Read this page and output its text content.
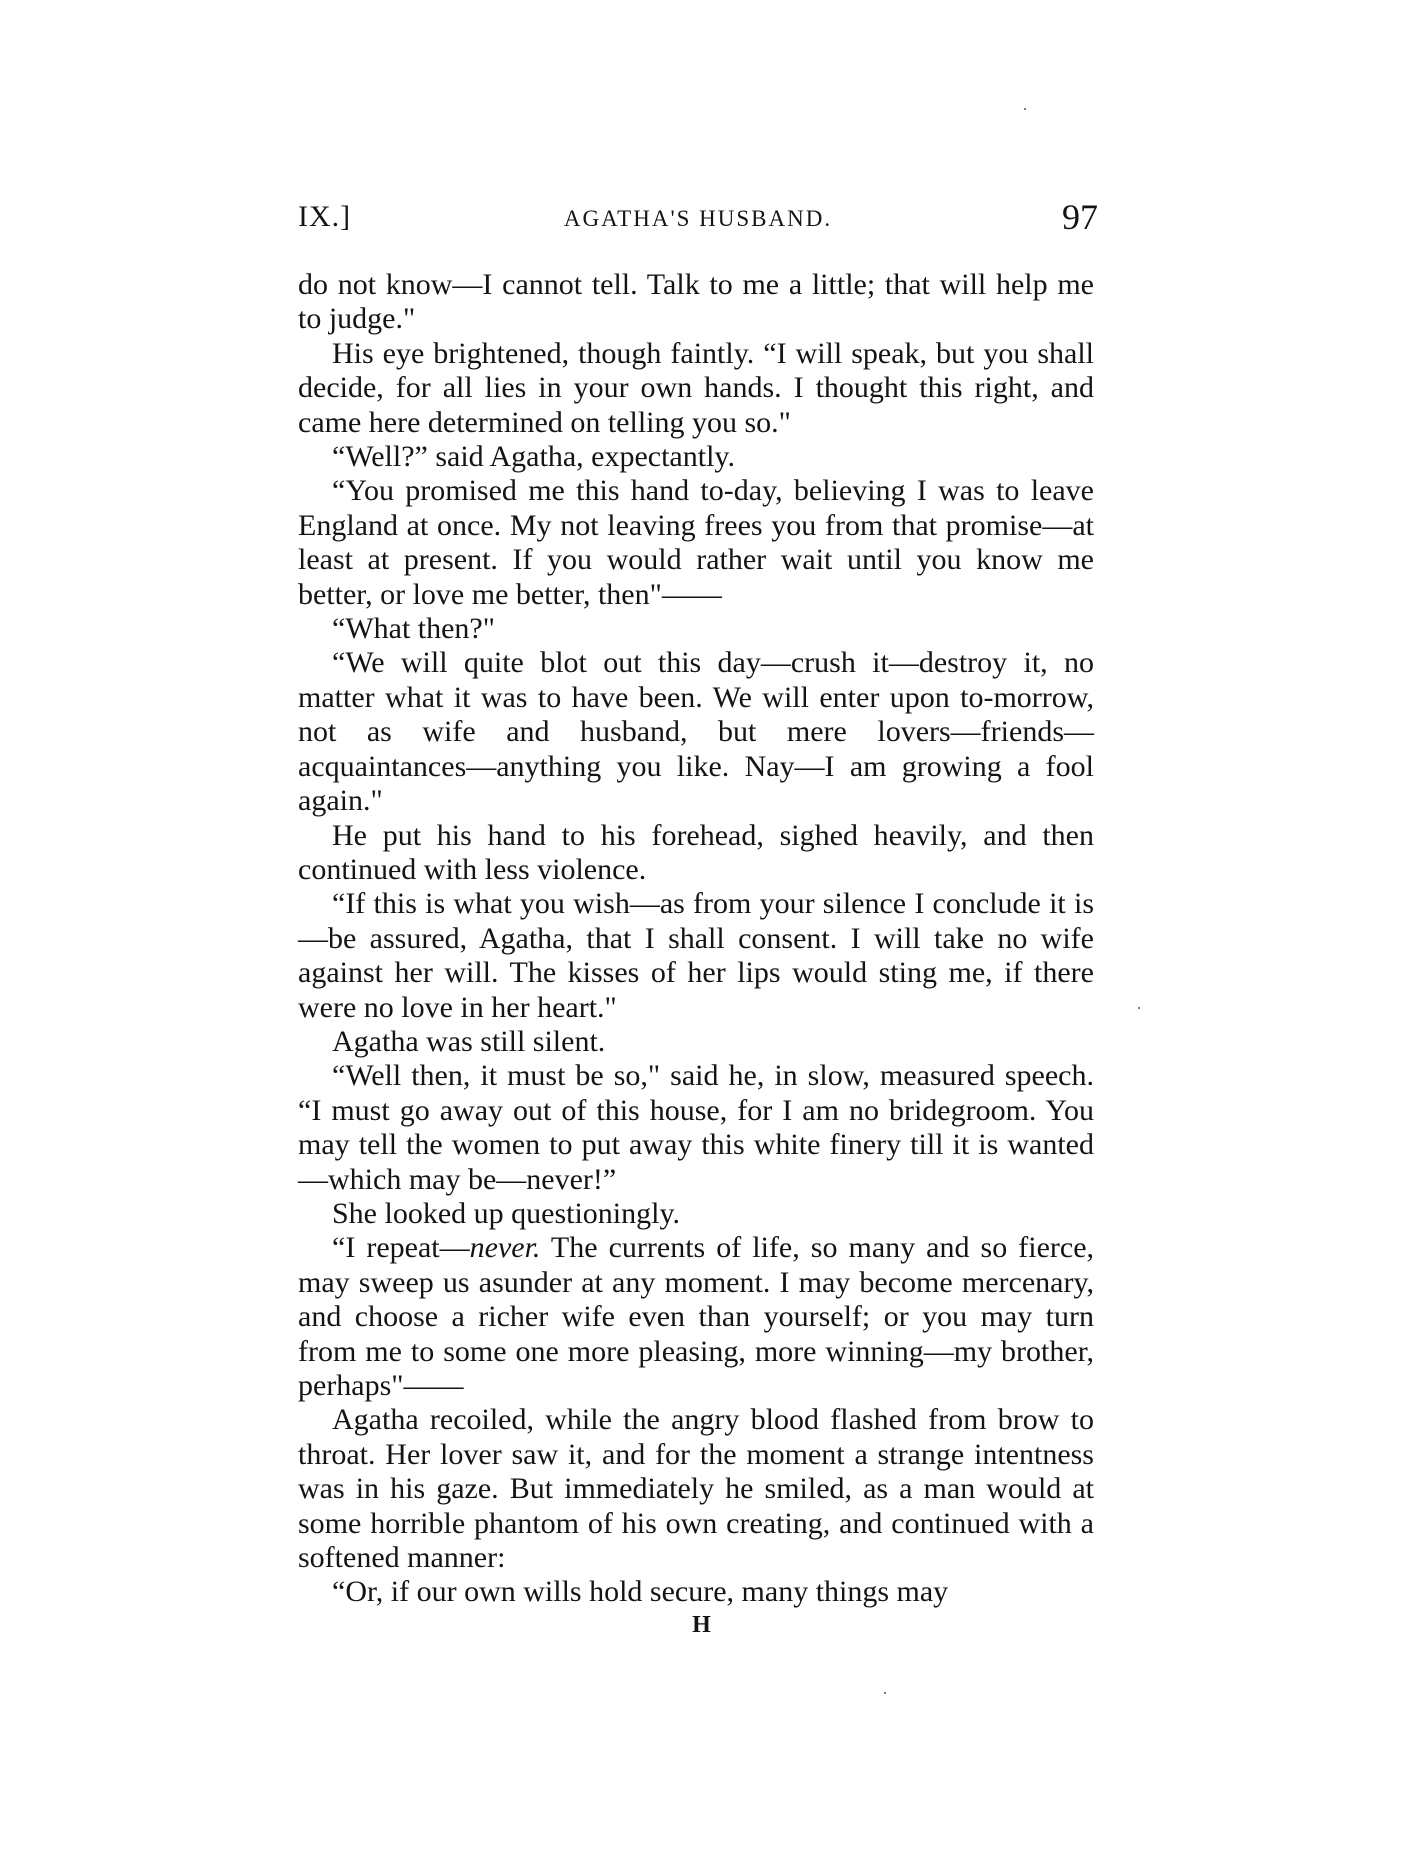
IX.]	AGATHA'S HUSBAND.	97

do not know—I cannot tell. Talk to me a little; that will help me to judge."

His eye brightened, though faintly. “I will speak, but you shall decide, for all lies in your own hands. I thought this right, and came here determined on telling you so."

“Well?” said Agatha, expectantly.

“You promised me this hand to-day, believing I was to leave England at once. My not leaving frees you from that promise—at least at present. If you would rather wait until you know me better, or love me better, then"——

“What then?"

“We will quite blot out this day—crush it—destroy it, no matter what it was to have been. We will enter upon to-morrow, not as wife and husband, but mere lovers—friends—acquaintances—anything you like. Nay—I am growing a fool again."

He put his hand to his forehead, sighed heavily, and then continued with less violence.

“If this is what you wish—as from your silence I conclude it is—be assured, Agatha, that I shall consent. I will take no wife against her will. The kisses of her lips would sting me, if there were no love in her heart."

Agatha was still silent.

“Well then, it must be so," said he, in slow, measured speech. “I must go away out of this house, for I am no bridegroom. You may tell the women to put away this white finery till it is wanted—which may be—never!”

She looked up questioningly.

“I repeat—never. The currents of life, so many and so fierce, may sweep us asunder at any moment. I may become mercenary, and choose a richer wife even than yourself; or you may turn from me to some one more pleasing, more winning—my brother, perhaps"——

Agatha recoiled, while the angry blood flashed from brow to throat. Her lover saw it, and for the moment a strange intentness was in his gaze. But immediately he smiled, as a man would at some horrible phantom of his own creating, and continued with a softened manner:

“Or, if our own wills hold secure, many things may

H
